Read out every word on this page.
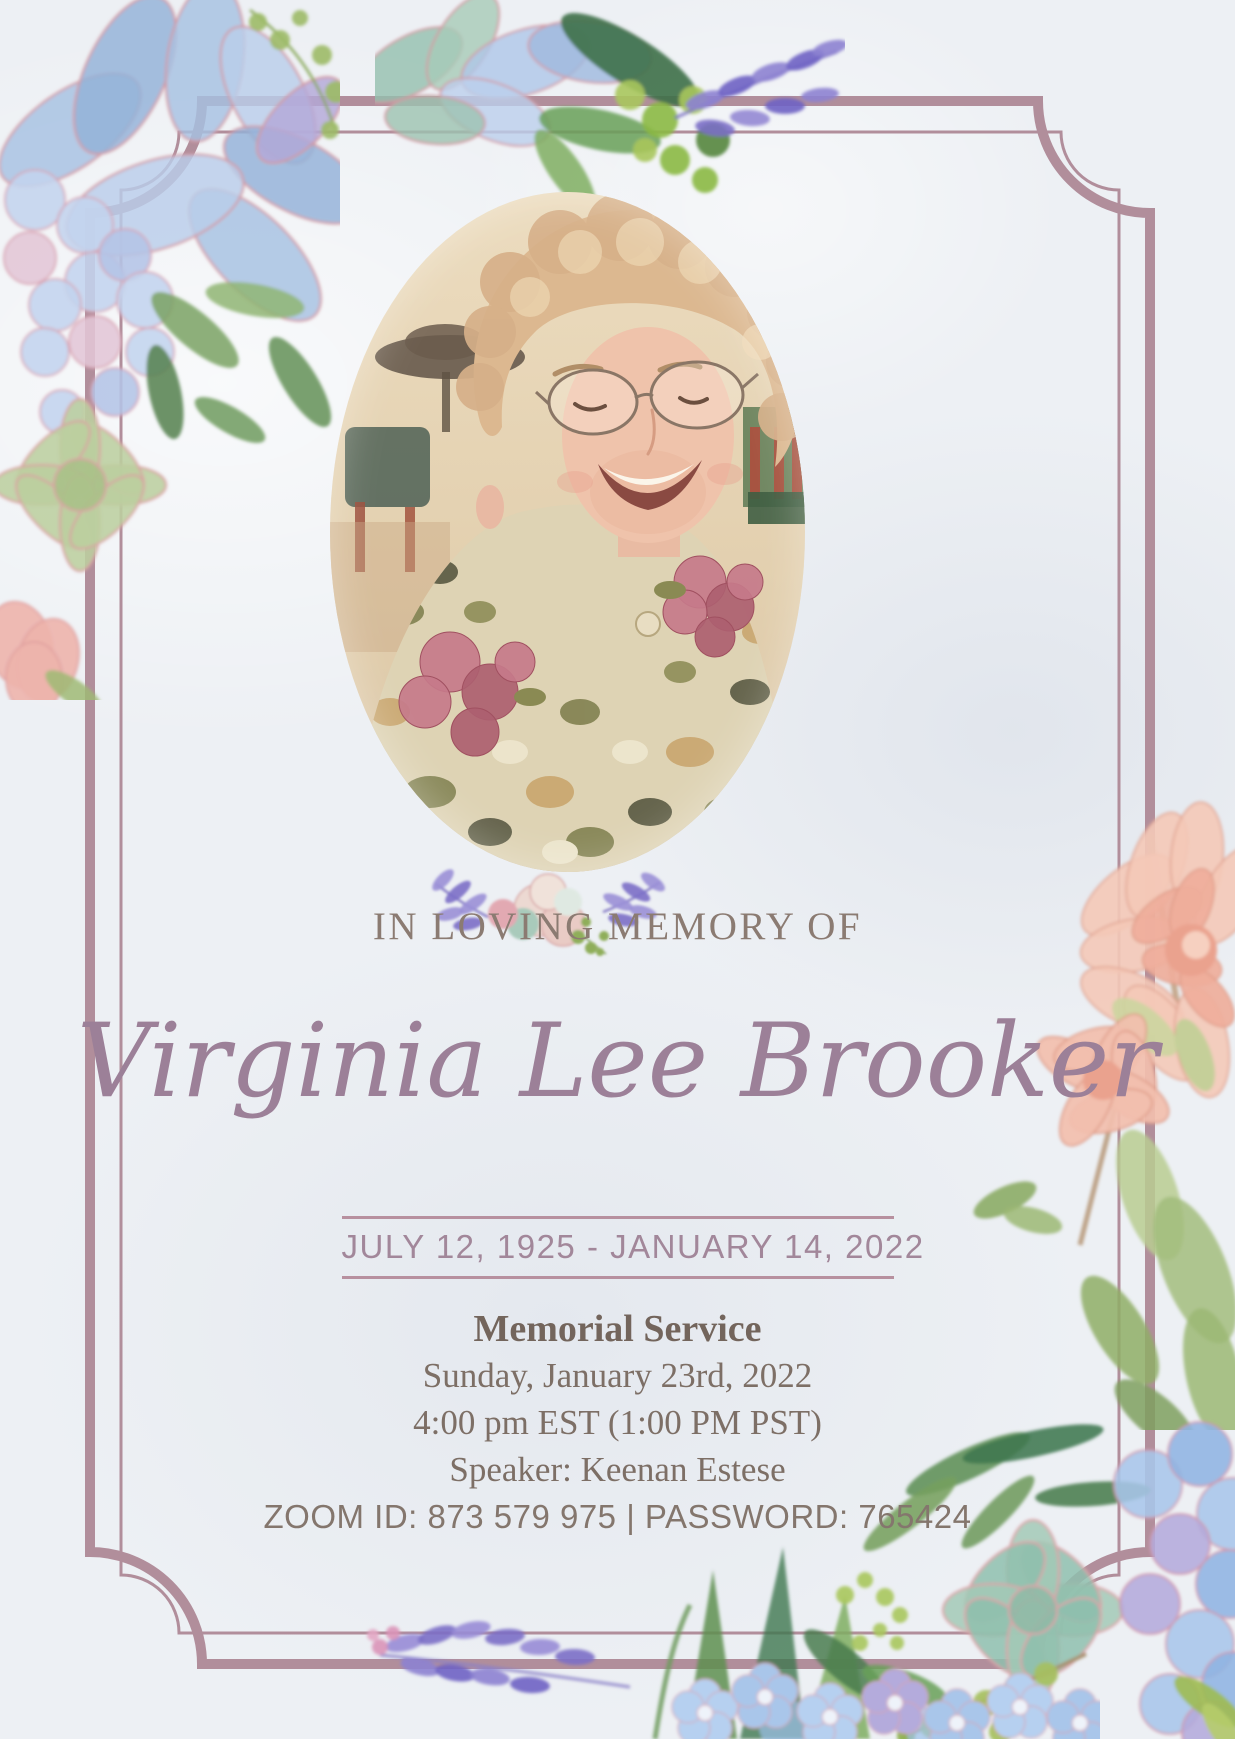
IN LOVING MEMORY OF
Virginia Lee Brooker
JULY 12, 1925 - JANUARY 14, 2022
Memorial Service
Sunday, January 23rd, 2022
4:00 pm EST (1:00 PM PST)
Speaker: Keenan Estese
ZOOM ID: 873 579 975 | PASSWORD: 765424
